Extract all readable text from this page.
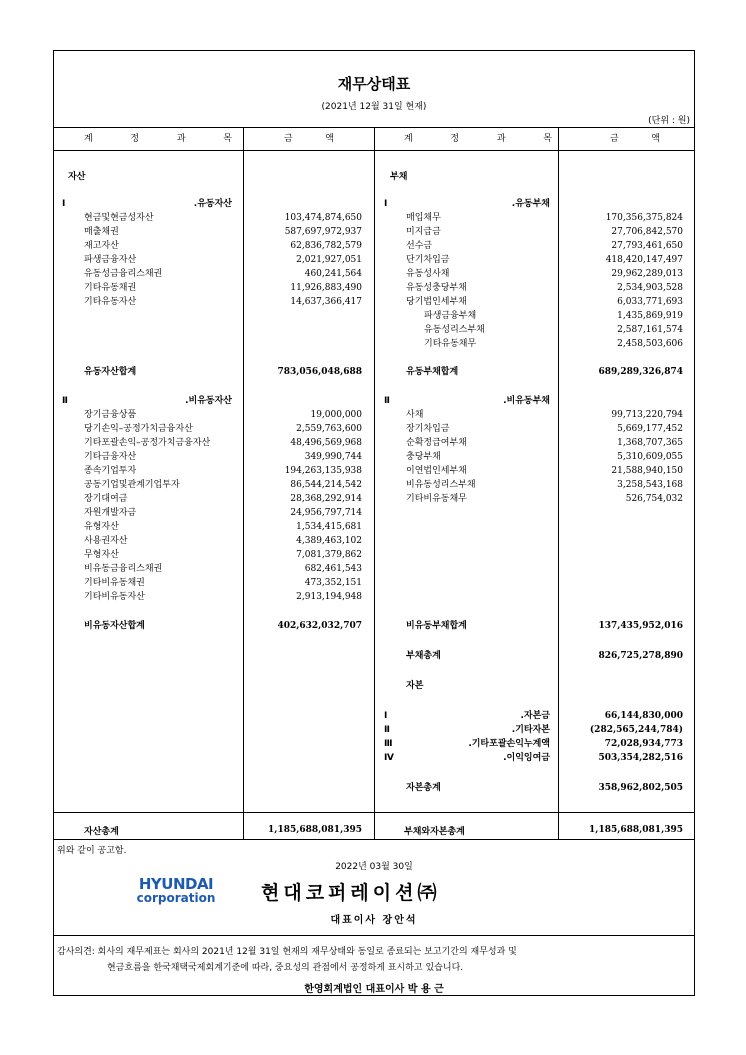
재무상태표
(2021년 12월 31일 현재)
(단위 : 원)
계	정	과	목	금	액	계	정	과	목	금	액
자산
Ⅰ.유동자산
현금및현금성자산	103,474,874,650
매출채권	587,697,972,937
재고자산	62,836,782,579
파생금융자산	2,021,927,051
유동성금융리스채권	460,241,564
기타유동채권	11,926,883,490
기타유동자산	14,637,366,417
유동자산합계	783,056,048,688
Ⅱ.비유동자산
장기금융상품	19,000,000
당기손익–공정가치금융자산	2,559,763,600
기타포괄손익–공정가치금융자산	48,496,569,968
기타금융자산	349,990,744
종속기업투자	194,263,135,938
공동기업및관계기업투자	86,544,214,542
장기대여금	28,368,292,914
자원개발자금	24,956,797,714
유형자산	1,534,415,681
사용권자산	4,389,463,102
무형자산	7,081,379,862
비유동금융리스채권	682,461,543
기타비유동채권	473,352,151
기타비유동자산	2,913,194,948
비유동자산합계	402,632,032,707
부채
Ⅰ.유동부채
매입채무	170,356,375,824
미지급금	27,706,842,570
선수금	27,793,461,650
단기차입금	418,420,147,497
유동성사채	29,962,289,013
유동성충당부채	2,534,903,528
당기법인세부채	6,033,771,693
파생금융부채	1,435,869,919
유동성리스부채	2,587,161,574
기타유동채무	2,458,503,606
유동부채합계	689,289,326,874
Ⅱ.비유동부채
사채	99,713,220,794
장기차입금	5,669,177,452
순확정급여부채	1,368,707,365
충당부채	5,310,609,055
이연법인세부채	21,588,940,150
비유동성리스부채	3,258,543,168
기타비유동채무	526,754,032
비유동부채합계	137,435,952,016
부채총계	826,725,278,890
자본
Ⅰ.자본금	66,144,830,000
Ⅱ.기타자본	(282,565,244,784)
Ⅲ.기타포괄손익누계액	72,028,934,773
Ⅳ.이익잉여금	503,354,282,516
자본총계	358,962,802,505
자산총계	1,185,688,081,395	부채와자본총계	1,185,688,081,395
위와 같이 공고함.
2022년 03월 30일
HYUNDAI
corporation 현대코퍼레이션㈜
대표이사 장안석
감사의견: 회사의 재무제표는 회사의 2021년 12월 31일 현재의 재무상태와 동일로 종료되는 보고기간의 재무성과 및
현금흐름을 한국채택국제회계기준에 따라, 중요성의 관점에서 공정하게 표시하고 있습니다.
한영회계법인 대표이사 박 용 근
